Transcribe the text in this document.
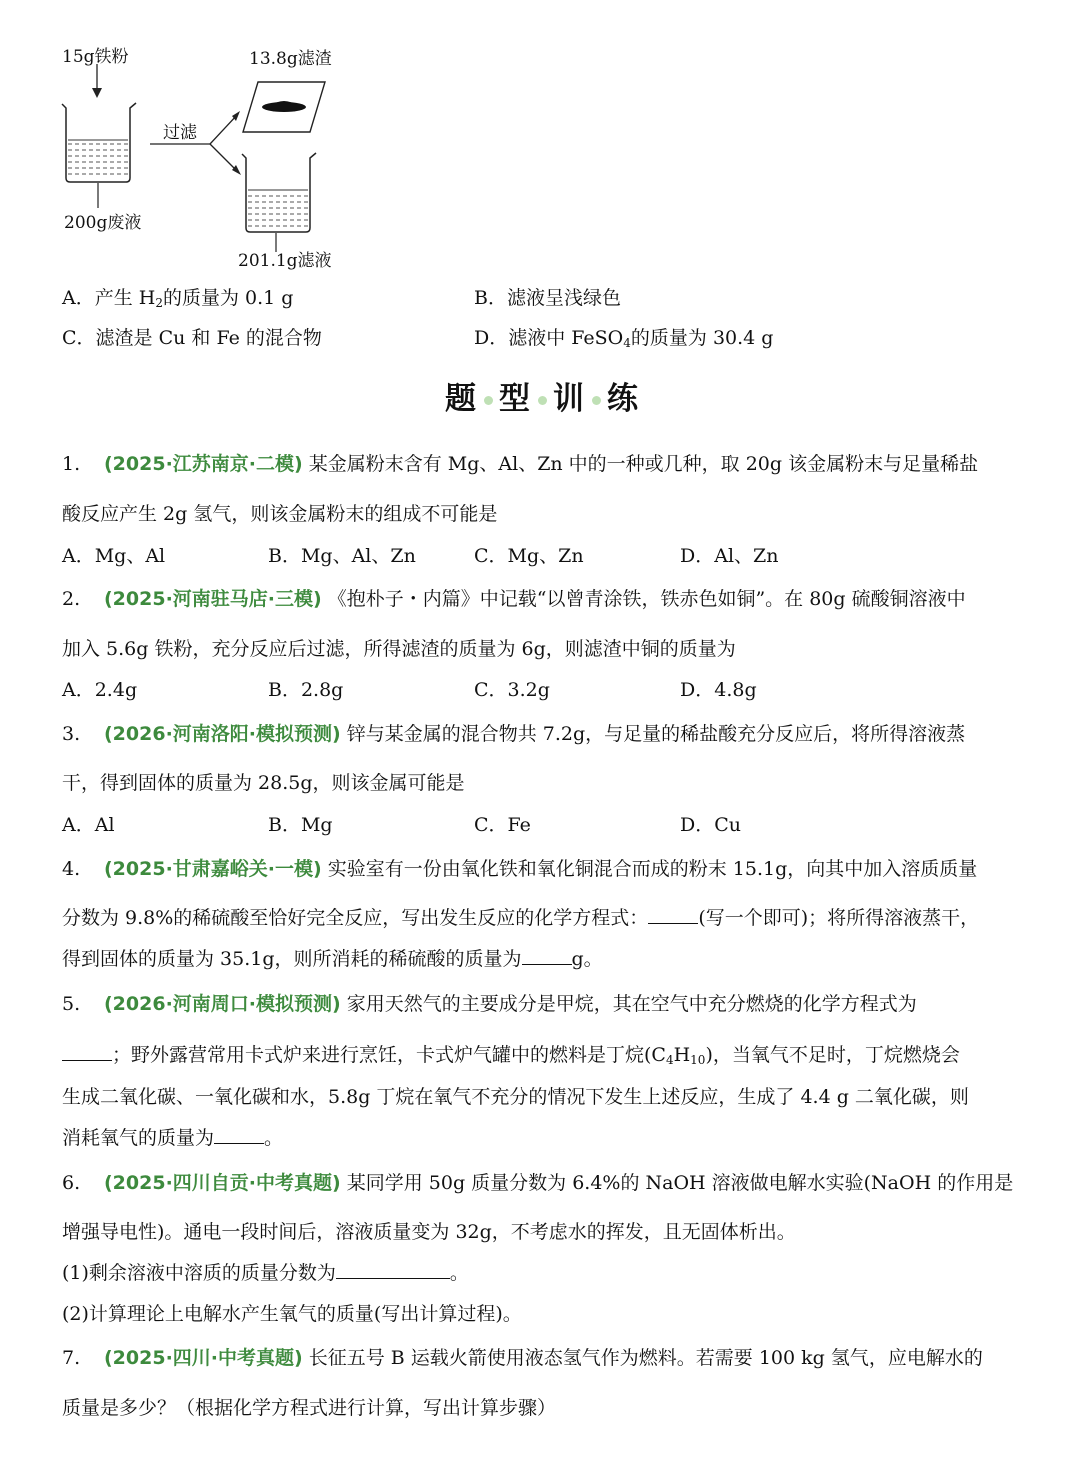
15g铁粉	13.8g滤渣
过滤
200g废液
201.1g滤液
A．产生 $H_2$的质量为 0.1 g	B．滤液呈浅绿色
C．滤渣是 Cu 和 Fe 的混合物	D．滤液中 FeSO$_4$的质量为 30.4 g
题 型 训 练
1. (2025·江苏南京·二模) 某金属粉末含有 Mg、Al、Zn 中的一种或几种，取 20g 该金属粉末与足量稀盐
酸反应产生 2g 氢气，则该金属粉末的组成不可能是
A．Mg、Al	B．Mg、Al、Zn	C．Mg、Zn	D．Al、Zn
2. (2025·河南驻马店·三模) 《抱朴子・内篇》中记载“以曾青涂铁，铁赤色如铜”。在 80g 硫酸铜溶液中
加入 5.6g 铁粉，充分反应后过滤，所得滤渣的质量为 6g，则滤渣中铜的质量为
A．2.4g	B．2.8g	C．3.2g	D．4.8g
3. (2026·河南洛阳·模拟预测) 锌与某金属的混合物共 7.2g，与足量的稀盐酸充分反应后，将所得溶液蒸
干，得到固体的质量为 28.5g，则该金属可能是
A．Al	B．Mg	C．Fe	D．Cu
4. (2025·甘肃嘉峪关·一模) 实验室有一份由氧化铁和氧化铜混合而成的粉末 15.1g，向其中加入溶质质量
分数为 9.8%的稀硫酸至恰好完全反应，写出发生反应的化学方程式：	(写一个即可)；将所得溶液蒸干，
得到固体的质量为 35.1g，则所消耗的稀硫酸的质量为	g。
5. (2026·河南周口·模拟预测) 家用天然气的主要成分是甲烷，其在空气中充分燃烧的化学方程式为
；野外露营常用卡式炉来进行烹饪，卡式炉气罐中的燃料是丁烷$(C_4H_{10})$，当氧气不足时，丁烷燃烧会
生成二氧化碳、一氧化碳和水，5.8g 丁烷在氧气不充分的情况下发生上述反应，生成了 4.4 g 二氧化碳，则
消耗氧气的质量为	。
6. (2025·四川自贡·中考真题) 某同学用 50g 质量分数为 6.4%的 NaOH 溶液做电解水实验(NaOH 的作用是
增强导电性)。通电一段时间后，溶液质量变为 32g，不考虑水的挥发，且无固体析出。
(1)剩余溶液中溶质的质量分数为	。
(2)计算理论上电解水产生氧气的质量(写出计算过程)。
7. (2025·四川·中考真题) 长征五号 B 运载火箭使用液态氢气作为燃料。若需要 100 kg 氢气，应电解水的
质量是多少？（根据化学方程式进行计算，写出计算步骤）
